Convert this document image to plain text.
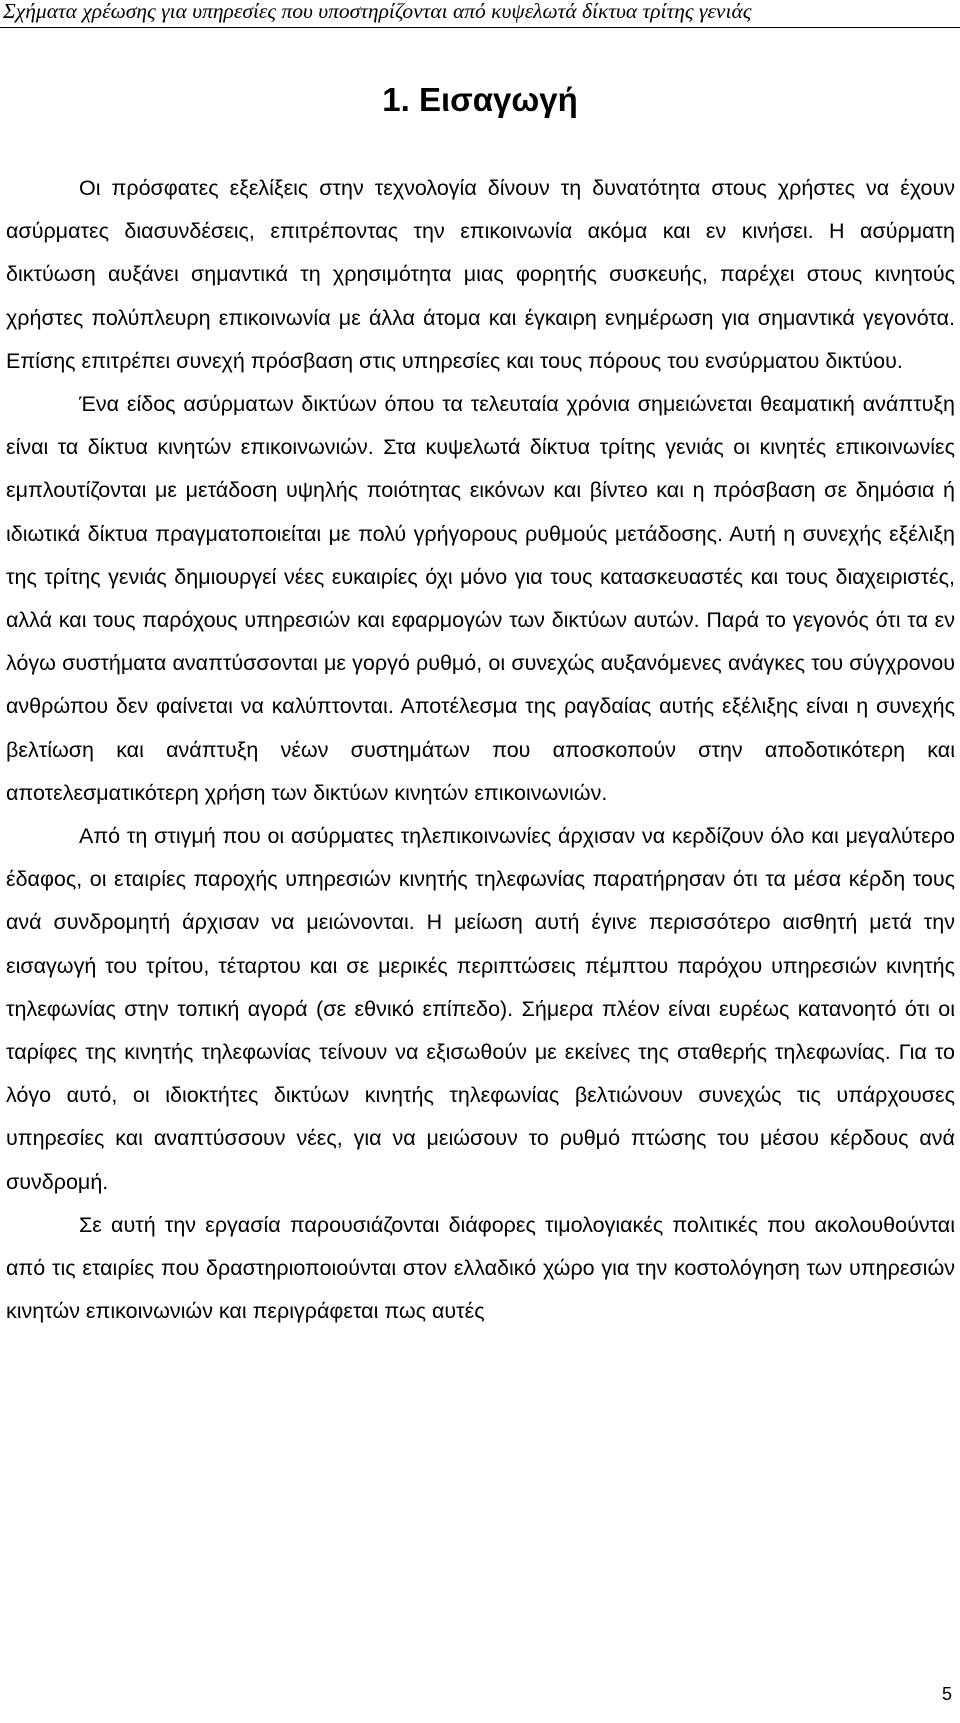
Σχήματα χρέωσης για υπηρεσίες που υποστηρίζονται από κυψελωτά δίκτυα τρίτης γενιάς
1. Εισαγωγή

Οι πρόσφατες εξελίξεις στην τεχνολογία δίνουν τη δυνατότητα στους χρήστες να έχουν ασύρματες διασυνδέσεις, επιτρέποντας την επικοινωνία ακόμα και εν κινήσει. Η ασύρματη δικτύωση αυξάνει σημαντικά τη χρησιμότητα μιας φορητής συσκευής, παρέχει στους κινητούς χρήστες πολύπλευρη επικοινωνία με άλλα άτομα και έγκαιρη ενημέρωση για σημαντικά γεγονότα. Επίσης επιτρέπει συνεχή πρόσβαση στις υπηρεσίες και τους πόρους του ενσύρματου δικτύου.

Ένα είδος ασύρματων δικτύων όπου τα τελευταία χρόνια σημειώνεται θεαματική ανάπτυξη είναι τα δίκτυα κινητών επικοινωνιών. Στα κυψελωτά δίκτυα τρίτης γενιάς οι κινητές επικοινωνίες εμπλουτίζονται με μετάδοση υψηλής ποιότητας εικόνων και βίντεο και η πρόσβαση σε δημόσια ή ιδιωτικά δίκτυα πραγματοποιείται με πολύ γρήγορους ρυθμούς μετάδοσης. Αυτή η συνεχής εξέλιξη της τρίτης γενιάς δημιουργεί νέες ευκαιρίες όχι μόνο για τους κατασκευαστές και τους διαχειριστές, αλλά και τους παρόχους υπηρεσιών και εφαρμογών των δικτύων αυτών. Παρά το γεγονός ότι τα εν λόγω συστήματα αναπτύσσονται με γοργό ρυθμό, οι συνεχώς αυξανόμενες ανάγκες του σύγχρονου ανθρώπου δεν φαίνεται να καλύπτονται. Αποτέλεσμα της ραγδαίας αυτής εξέλιξης είναι η συνεχής βελτίωση και ανάπτυξη νέων συστημάτων που αποσκοπούν στην αποδοτικότερη και αποτελεσματικότερη χρήση των δικτύων κινητών επικοινωνιών.

Από τη στιγμή που οι ασύρματες τηλεπικοινωνίες άρχισαν να κερδίζουν όλο και μεγαλύτερο έδαφος, οι εταιρίες παροχής υπηρεσιών κινητής τηλεφωνίας παρατήρησαν ότι τα μέσα κέρδη τους ανά συνδρομητή άρχισαν να μειώνονται. Η μείωση αυτή έγινε περισσότερο αισθητή μετά την εισαγωγή του τρίτου, τέταρτου και σε μερικές περιπτώσεις πέμπτου παρόχου υπηρεσιών κινητής τηλεφωνίας στην τοπική αγορά (σε εθνικό επίπεδο). Σήμερα πλέον είναι ευρέως κατανοητό ότι οι ταρίφες της κινητής τηλεφωνίας τείνουν να εξισωθούν με εκείνες της σταθερής τηλεφωνίας. Για το λόγο αυτό, οι ιδιοκτήτες δικτύων κινητής τηλεφωνίας βελτιώνουν συνεχώς τις υπάρχουσες υπηρεσίες και αναπτύσσουν νέες, για να μειώσουν το ρυθμό πτώσης του μέσου κέρδους ανά συνδρομή.

Σε αυτή την εργασία παρουσιάζονται διάφορες τιμολογιακές πολιτικές που ακολουθούνται από τις εταιρίες που δραστηριοποιούνται στον ελλαδικό χώρο για την κοστολόγηση των υπηρεσιών κινητών επικοινωνιών και περιγράφεται πως αυτές

5
